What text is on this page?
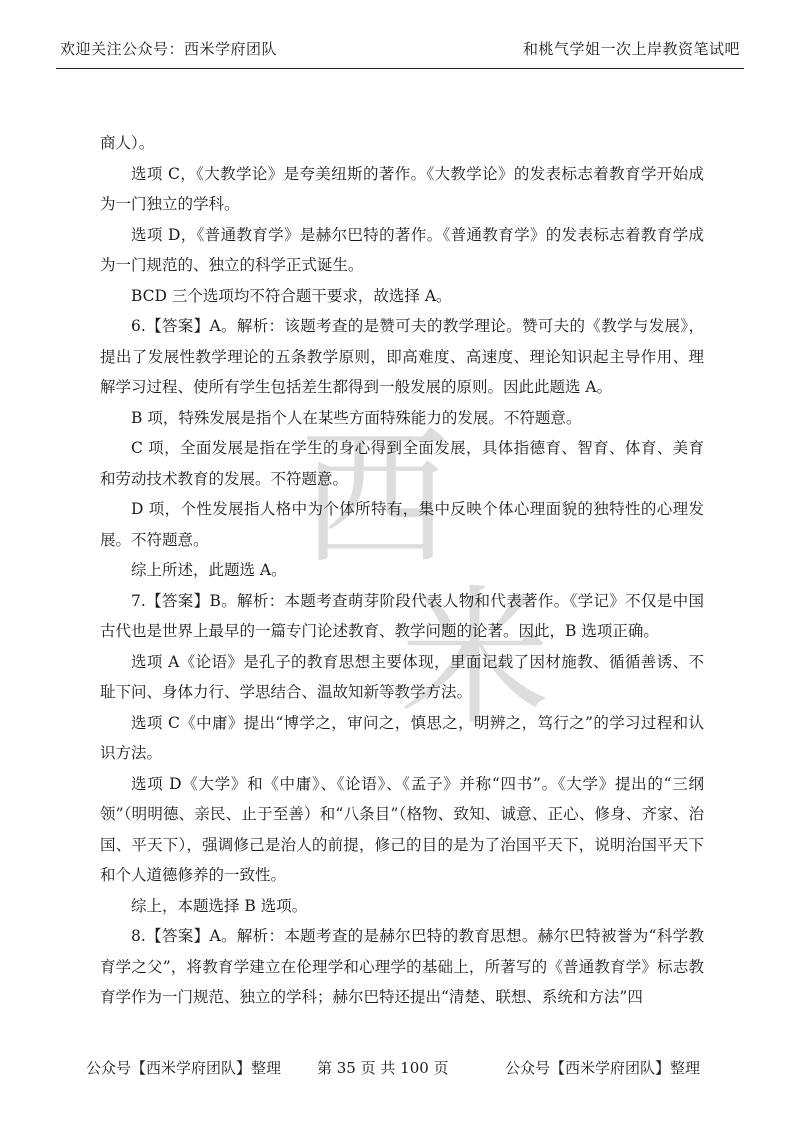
欢迎关注公众号：西米学府团队	和桃气学姐一次上岸教资笔试吧
西
米

商人）。

选项 C，《大教学论》是夸美纽斯的著作。《大教学论》的发表标志着教育学开始成为一门独立的学科。

选项 D，《普通教育学》是赫尔巴特的著作。《普通教育学》的发表标志着教育学成为一门规范的、独立的科学正式诞生。

BCD 三个选项均不符合题干要求，故选择 A。

6.【答案】A。解析：该题考查的是赞可夫的教学理论。赞可夫的《教学与发展》，提出了发展性教学理论的五条教学原则，即高难度、高速度、理论知识起主导作用、理解学习过程、使所有学生包括差生都得到一般发展的原则。因此此题选 A。

B 项，特殊发展是指个人在某些方面特殊能力的发展。不符题意。

C 项，全面发展是指在学生的身心得到全面发展，具体指德育、智育、体育、美育和劳动技术教育的发展。不符题意。

D 项，个性发展指人格中为个体所特有，集中反映个体心理面貌的独特性的心理发展。不符题意。

综上所述，此题选 A。

7.【答案】B。解析：本题考查萌芽阶段代表人物和代表著作。《学记》不仅是中国古代也是世界上最早的一篇专门论述教育、教学问题的论著。因此，B 选项正确。

选项 A《论语》是孔子的教育思想主要体现，里面记载了因材施教、循循善诱、不耻下问、身体力行、学思结合、温故知新等教学方法。

选项 C《中庸》提出“博学之，审问之，慎思之，明辨之，笃行之”的学习过程和认识方法。

选项 D《大学》和《中庸》、《论语》、《孟子》并称“四书”。《大学》提出的“三纲领”（明明德、亲民、止于至善）和“八条目”（格物、致知、诚意、正心、修身、齐家、治国、平天下），强调修己是治人的前提，修己的目的是为了治国平天下，说明治国平天下和个人道德修养的一致性。

综上，本题选择 B 选项。

8.【答案】A。解析：本题考查的是赫尔巴特的教育思想。赫尔巴特被誉为“科学教育学之父”，将教育学建立在伦理学和心理学的基础上，所著写的《普通教育学》标志教育学作为一门规范、独立的学科；赫尔巴特还提出“清楚、联想、系统和方法”四

公众号【西米学府团队】整理 第 35 页 共 100 页	公众号【西米学府团队】整理
